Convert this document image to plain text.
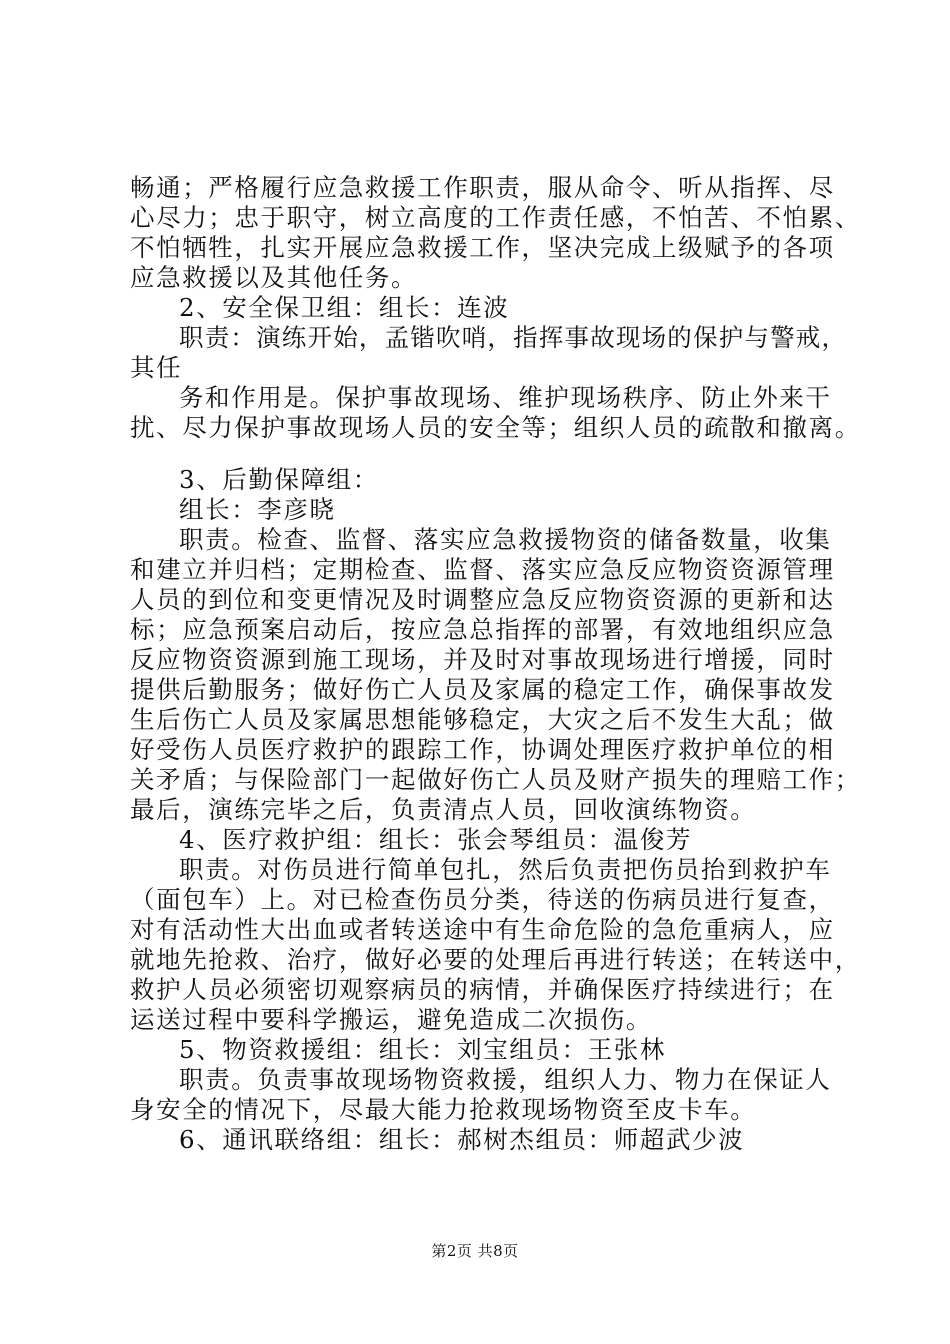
畅通；严格履行应急救援工作职责，服从命令、听从指挥、尽
心尽力；忠于职守，树立高度的工作责任感，不怕苦、不怕累、
不怕牺牲，扎实开展应急救援工作，坚决完成上级赋予的各项
应急救援以及其他任务。
2、安全保卫组：组长：连波
职责：演练开始，孟锴吹哨，指挥事故现场的保护与警戒，
其任
务和作用是。保护事故现场、维护现场秩序、防止外来干
扰、尽力保护事故现场人员的安全等；组织人员的疏散和撤离。
3、后勤保障组：
组长：李彦晓
职责。检查、监督、落实应急救援物资的储备数量，收集
和建立并归档；定期检查、监督、落实应急反应物资资源管理
人员的到位和变更情况及时调整应急反应物资资源的更新和达
标；应急预案启动后，按应急总指挥的部署，有效地组织应急
反应物资资源到施工现场，并及时对事故现场进行增援，同时
提供后勤服务；做好伤亡人员及家属的稳定工作，确保事故发
生后伤亡人员及家属思想能够稳定，大灾之后不发生大乱；做
好受伤人员医疗救护的跟踪工作，协调处理医疗救护单位的相
关矛盾；与保险部门一起做好伤亡人员及财产损失的理赔工作；
最后，演练完毕之后，负责清点人员，回收演练物资。
4、医疗救护组：组长：张会琴组员：温俊芳
职责。对伤员进行简单包扎，然后负责把伤员抬到救护车
（面包车）上。对已检查伤员分类，待送的伤病员进行复查，
对有活动性大出血或者转送途中有生命危险的急危重病人，应
就地先抢救、治疗，做好必要的处理后再进行转送；在转送中，
救护人员必须密切观察病员的病情，并确保医疗持续进行；在
运送过程中要科学搬运，避免造成二次损伤。
5、物资救援组：组长：刘宝组员：王张林
职责。负责事故现场物资救援，组织人力、物力在保证人
身安全的情况下，尽最大能力抢救现场物资至皮卡车。
6、通讯联络组：组长：郝树杰组员：师超武少波
第2页 共8页
